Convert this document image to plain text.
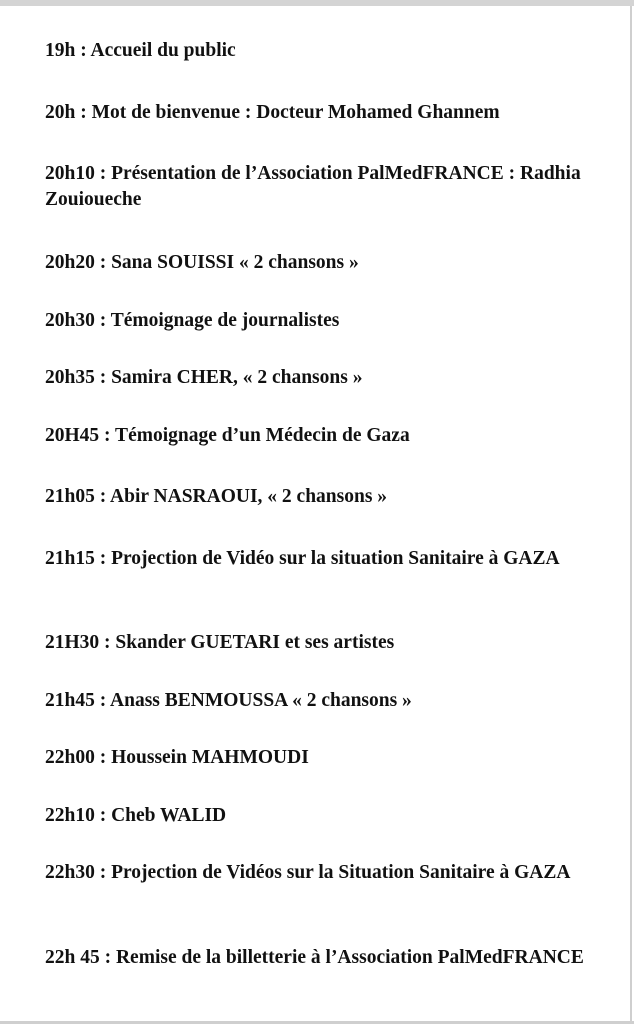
19h : Accueil du public
20h : Mot de bienvenue : Docteur Mohamed Ghannem
20h10 : Présentation de l’Association PalMedFRANCE : Radhia Zouioueche
20h20 : Sana SOUISSI « 2 chansons »
20h30 : Témoignage de journalistes
20h35 : Samira CHER, « 2 chansons »
20H45 : Témoignage d’un Médecin de Gaza
21h05 : Abir NASRAOUI, « 2 chansons »
21h15 : Projection de Vidéo sur la situation Sanitaire à GAZA
21H30 : Skander GUETARI et ses artistes
21h45 : Anass BENMOUSSA « 2 chansons »
22h00 : Houssein MAHMOUDI
22h10 : Cheb WALID
22h30 : Projection de Vidéos sur la Situation Sanitaire à GAZA
22h 45 : Remise de la billetterie à l’Association PalMedFRANCE
